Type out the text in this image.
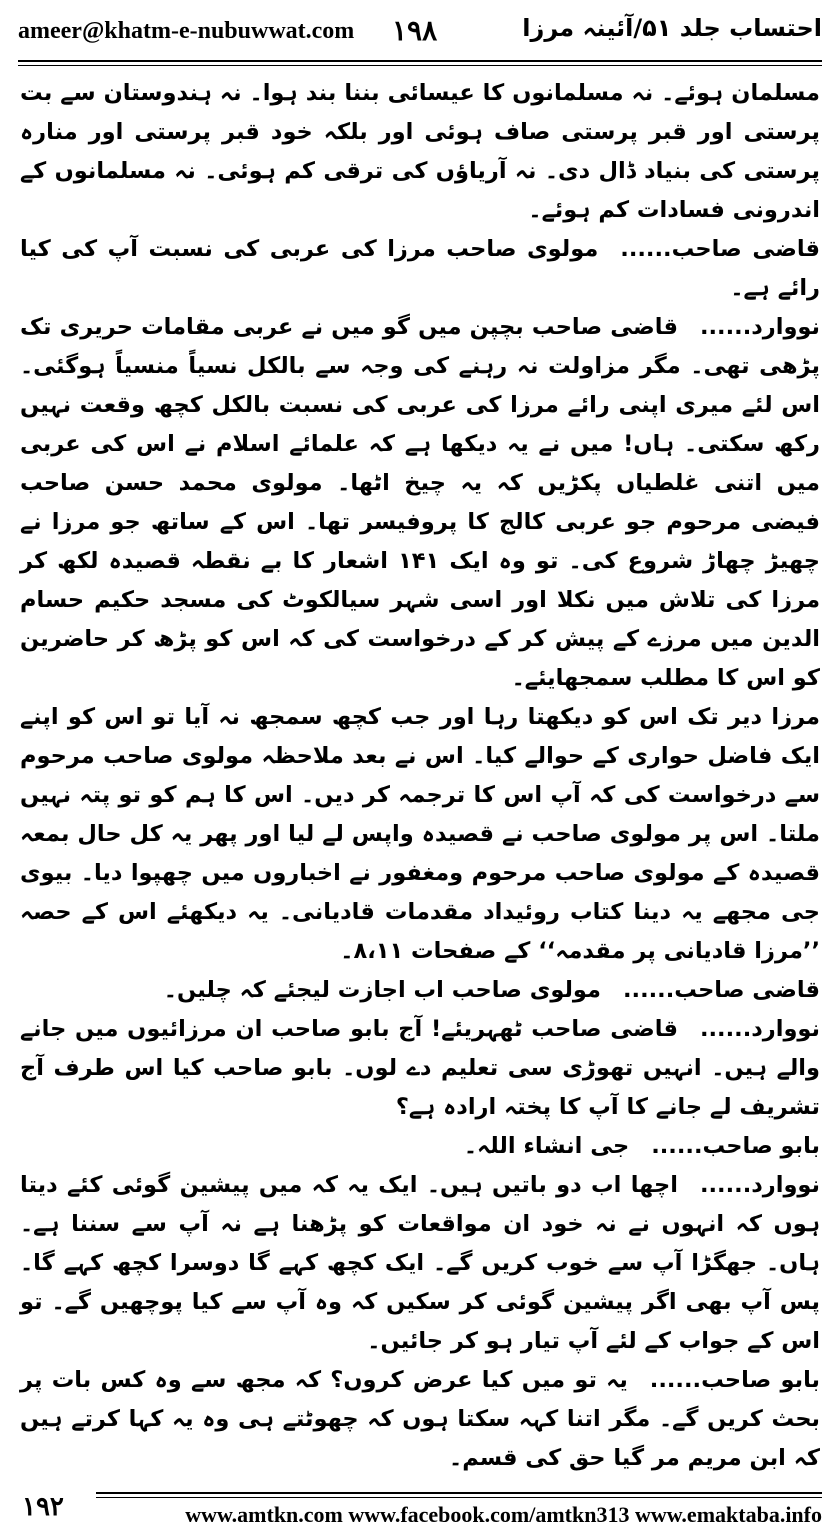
ameer@khatm-e-nubuwwat.com ۱۹۸	احتساب جلد ۵۱/آئینہ مرزا

مسلمان ہوئے۔ نہ مسلمانوں کا عیسائی بننا بند ہوا۔ نہ ہندوستان سے بت پرستی اور قبر پرستی صاف ہوئی اور بلکہ خود قبر پرستی اور منارہ پرستی کی بنیاد ڈال دی۔ نہ آریاؤں کی ترقی کم ہوئی۔ نہ مسلمانوں کے اندرونی فسادات کم ہوئے۔

قاضی صاحب......مولوی صاحب مرزا کی عربی کی نسبت آپ کی کیا رائے ہے۔

نووارد......قاضی صاحب بچپن میں گو میں نے عربی مقامات حریری تک پڑھی تھی۔ مگر مزاولت نہ رہنے کی وجہ سے بالکل نسیاً منسیاً ہوگئی۔ اس لئے میری اپنی رائے مرزا کی عربی کی نسبت بالکل کچھ وقعت نہیں رکھ سکتی۔ ہاں! میں نے یہ دیکھا ہے کہ علمائے اسلام نے اس کی عربی میں اتنی غلطیاں پکڑیں کہ یہ چیخ اٹھا۔ مولوی محمد حسن صاحب فیضی مرحوم جو عربی کالج کا پروفیسر تھا۔ اس کے ساتھ جو مرزا نے چھیڑ چھاڑ شروع کی۔ تو وہ ایک ۱۴۱ اشعار کا بے نقطہ قصیدہ لکھ کر مرزا کی تلاش میں نکلا اور اسی شہر سیالکوٹ کی مسجد حکیم حسام الدین میں مرزے کے پیش کر کے درخواست کی کہ اس کو پڑھ کر حاضرین کو اس کا مطلب سمجھایئے۔

مرزا دیر تک اس کو دیکھتا رہا اور جب کچھ سمجھ نہ آیا تو اس کو اپنے ایک فاضل حواری کے حوالے کیا۔ اس نے بعد ملاحظہ مولوی صاحب مرحوم سے درخواست کی کہ آپ اس کا ترجمہ کر دیں۔ اس کا ہم کو تو پتہ نہیں ملتا۔ اس پر مولوی صاحب نے قصیدہ واپس لے لیا اور پھر یہ کل حال بمعہ قصیدہ کے مولوی صاحب مرحوم ومغفور نے اخباروں میں چھپوا دیا۔ بیوی جی مجھے یہ دینا کتاب روئیداد مقدمات قادیانی۔ یہ دیکھئے اس کے حصہ ’’مرزا قادیانی پر مقدمہ‘‘ کے صفحات ۸،۱۱۔

قاضی صاحب......مولوی صاحب اب اجازت لیجئے کہ چلیں۔

نووارد......قاضی صاحب ٹھہریئے! آج بابو صاحب ان مرزائیوں میں جانے والے ہیں۔ انہیں تھوڑی سی تعلیم دے لوں۔ بابو صاحب کیا اس طرف آج تشریف لے جانے کا آپ کا پختہ ارادہ ہے؟

بابو صاحب......جی انشاء اللہ۔

نووارد......اچھا اب دو باتیں ہیں۔ ایک یہ کہ میں پیشین گوئی کئے دیتا ہوں کہ انہوں نے نہ خود ان مواقعات کو پڑھنا ہے نہ آپ سے سننا ہے۔ ہاں۔ جھگڑا آپ سے خوب کریں گے۔ ایک کچھ کہے گا دوسرا کچھ کہے گا۔ پس آپ بھی اگر پیشین گوئی کر سکیں کہ وہ آپ سے کیا پوچھیں گے۔ تو اس کے جواب کے لئے آپ تیار ہو کر جائیں۔

بابو صاحب......یہ تو میں کیا عرض کروں؟ کہ مجھ سے وہ کس بات پر بحث کریں گے۔ مگر اتنا کہہ سکتا ہوں کہ چھوٹتے ہی وہ یہ کہا کرتے ہیں کہ ابن مریم مر گیا حق کی قسم۔

۱۹۲	www.amtkn.com www.facebook.com/amtkn313 www.emaktaba.info
